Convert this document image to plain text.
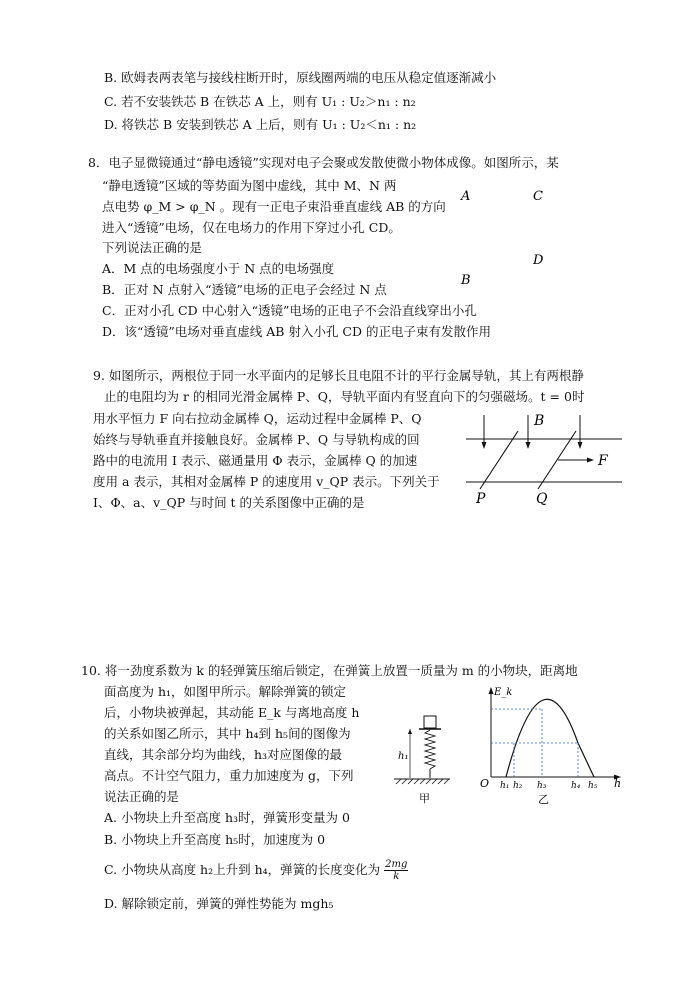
B. 欧姆表两表笔与接线柱断开时，原线圈两端的电压从稳定值逐渐减小
C. 若不安装铁芯 B 在铁芯 A 上，则有 U₁ : U₂＞n₁ : n₂
D. 将铁芯 B 安装到铁芯 A 上后，则有 U₁ : U₂＜n₁ : n₂
8．电子显微镜通过“静电透镜”实现对电子会聚或发散使微小物体成像。如图所示，某
“静电透镜”区域的等势面为图中虚线，其中 M、N 两
点电势 φ_M > φ_N 。现有一正电子束沿垂直虚线 AB 的方向
进入“透镜”电场，仅在电场力的作用下穿过小孔 CD。
下列说法正确的是
A．M 点的电场强度小于 N 点的电场强度
B．正对 N 点射入“透镜”电场的正电子会经过 N 点
C．正对小孔 CD 中心射入“透镜”电场的正电子不会沿直线穿出小孔
D．该“透镜”电场对垂直虚线 AB 射入小孔 CD 的正电子束有发散作用
A	C
D
B
9. 如图所示，两根位于同一水平面内的足够长且电阻不计的平行金属导轨，其上有两根静
止的电阻均为 r 的相同光滑金属棒 P、Q，导轨平面内有竖直向下的匀强磁场。t = 0时
用水平恒力 F 向右拉动金属棒 Q，运动过程中金属棒 P、Q
始终与导轨垂直并接触良好。金属棒 P、Q 与导轨构成的回
路中的电流用 I 表示、磁通量用 Φ 表示，金属棒 Q 的加速
度用 a 表示，其相对金属棒 P 的速度用 v_QP 表示。下列关于
I、Φ、a、v_QP 与时间 t 的关系图像中正确的是
B
F
P	Q
10. 将一劲度系数为 k 的轻弹簧压缩后锁定，在弹簧上放置一质量为 m 的小物块，距离地
面高度为 h₁，如图甲所示。解除弹簧的锁定
后，小物块被弹起，其动能 E_k 与离地高度 h
的关系如图乙所示，其中 h₄到 h₅间的图像为
直线，其余部分均为曲线，h₃对应图像的最
高点。不计空气阻力，重力加速度为 g，下列
说法正确的是
A. 小物块上升至高度 h₃时，弹簧形变量为 0
B. 小物块上升至高度 h₅时，加速度为 0
C. 小物块从高度 h₂上升到 h₄，弹簧的长度变化为 $\frac{2mg}{k}$
D. 解除锁定前，弹簧的弹性势能为 mgh₅
h₁
甲
E_k
O	h
h₁ h₂ h₃	h₄ h₅
乙
